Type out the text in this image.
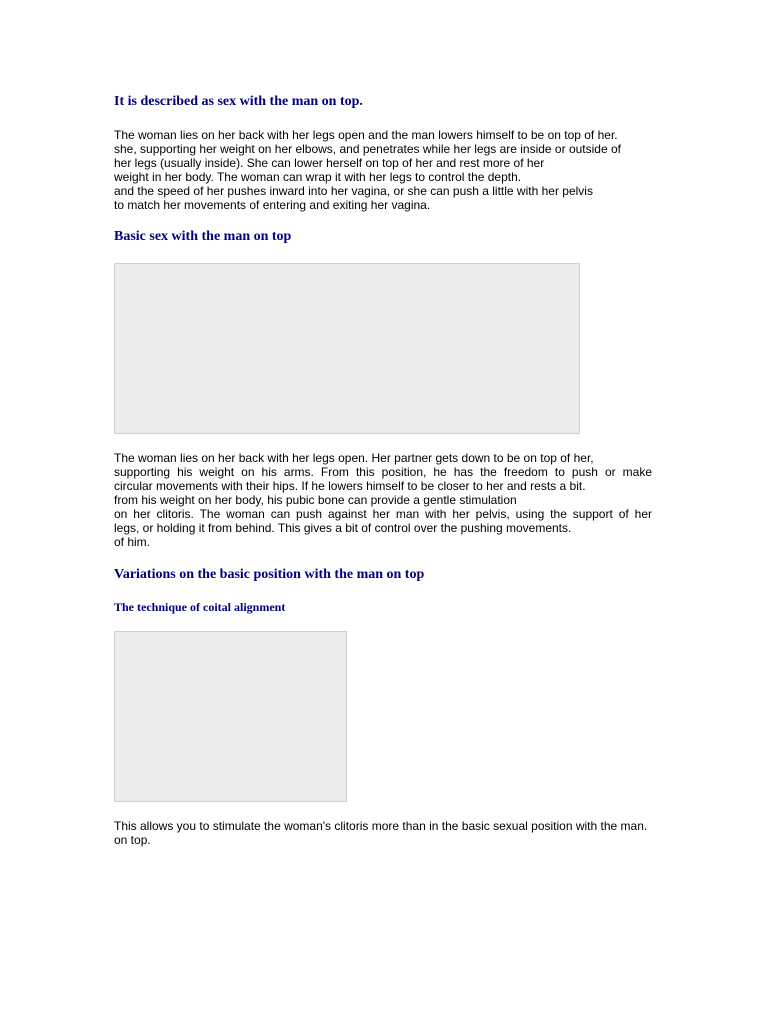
It is described as sex with the man on top.

The woman lies on her back with her legs open and the man lowers himself to be on top of her.
she, supporting her weight on her elbows, and penetrates while her legs are inside or outside of
her legs (usually inside). She can lower herself on top of her and rest more of her
weight in her body. The woman can wrap it with her legs to control the depth.
and the speed of her pushes inward into her vagina, or she can push a little with her pelvis
to match her movements of entering and exiting her vagina.

Basic sex with the man on top

The woman lies on her back with her legs open. Her partner gets down to be on top of her,
supporting his weight on his arms. From this position, he has the freedom to push or make
circular movements with their hips. If he lowers himself to be closer to her and rests a bit.
from his weight on her body, his pubic bone can provide a gentle stimulation
on her clitoris. The woman can push against her man with her pelvis, using the support of her
legs, or holding it from behind. This gives a bit of control over the pushing movements.
of him.

Variations on the basic position with the man on top
The technique of coital alignment

This allows you to stimulate the woman's clitoris more than in the basic sexual position with the man.
on top.
